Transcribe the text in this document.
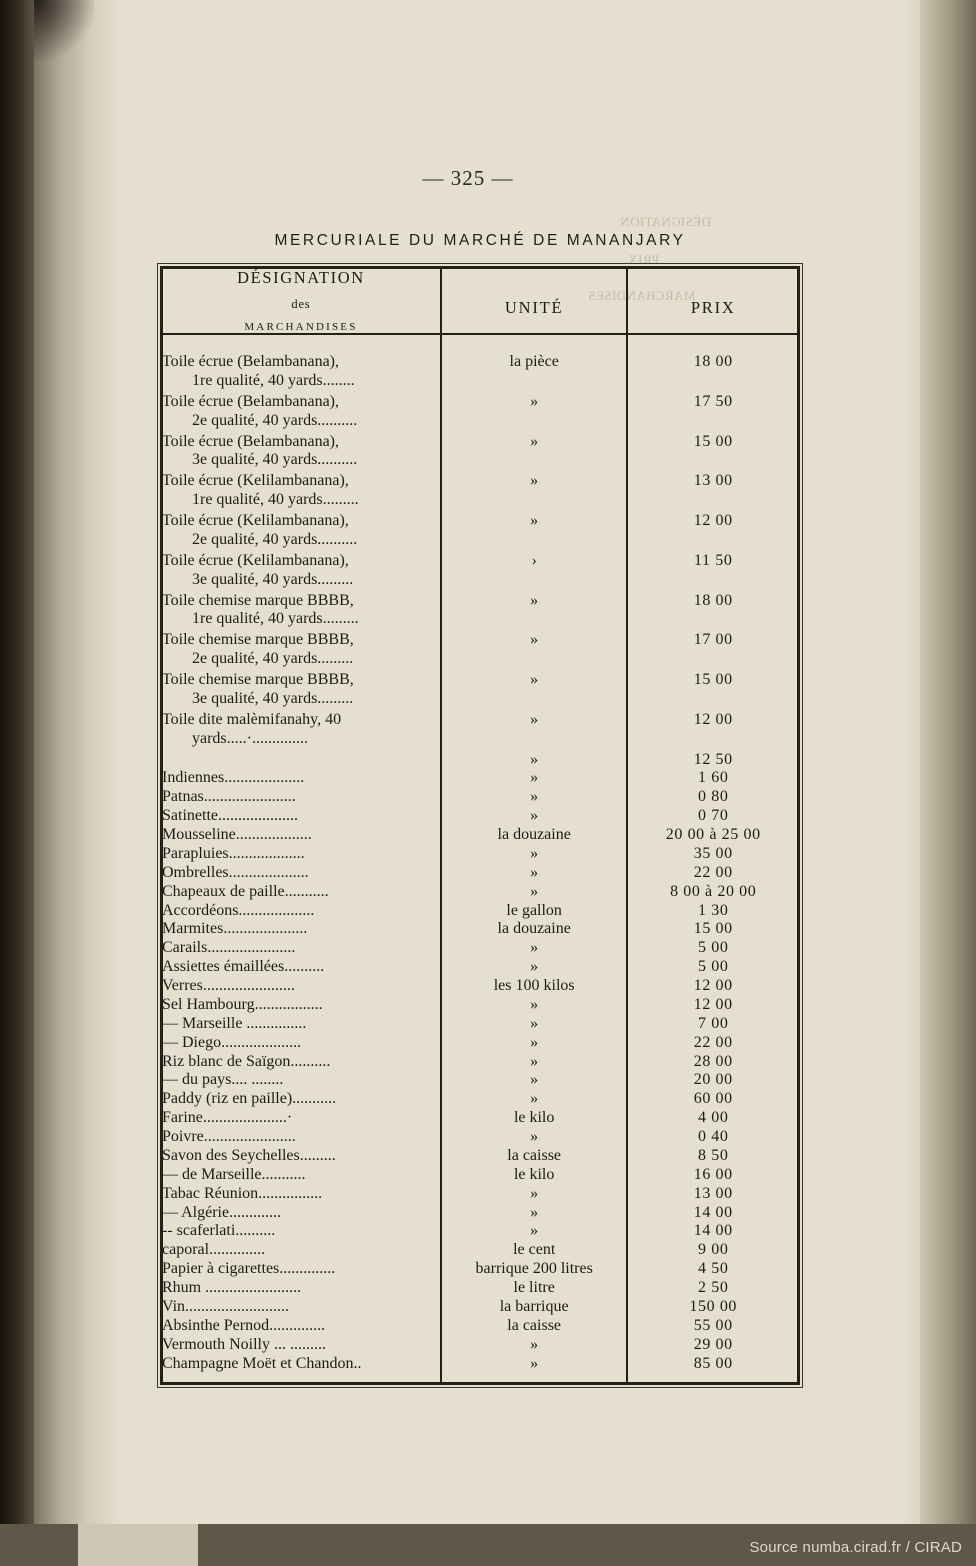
DÉSIGNATION
PRIX
MARCHANDISES
— 325 —
MERCURIALE DU MARCHÉ DE MANANJARY
DÉSIGNATION
des
MARCHANDISES	UNITÉ	PRIX

Toile écrue (Belambanana),
1re qualité, 40 yards........	la pièce	18 00
Toile écrue (Belambanana),
2e qualité, 40 yards..........	»	17 50
Toile écrue (Belambanana),
3e qualité, 40 yards..........	»	15 00
Toile écrue (Kelilambanana),
1re qualité, 40 yards.........	»	13 00
Toile écrue (Kelilambanana),
2e qualité, 40 yards..........	»	12 00
Toile écrue (Kelilambanana),
3e qualité, 40 yards.........	›	11 50
Toile chemise marque BBBB,
1re qualité, 40 yards.........	»	18 00
Toile chemise marque BBBB,
2e qualité, 40 yards.........	»	17 00
Toile chemise marque BBBB,
3e qualité, 40 yards.........	»	15 00
Toile dite malèmifanahy, 40
yards.....·..............	»	12 00
	»	12 50
Indiennes....................	»	1 60
Patnas.......................	»	0 80
Satinette....................	»	0 70
Mousseline...................	la douzaine	20 00 à 25 00
Parapluies...................	»	35 00
Ombrelles....................	»	22 00
Chapeaux de paille...........	»	8 00 à 20 00
Accordéons...................	le gallon	1 30
Marmites.....................	la douzaine	15 00
Carails......................	»	5 00
Assiettes émaillées..........	»	5 00
Verres.......................	les 100 kilos	12 00
Sel Hambourg.................	»	12 00
— Marseille ...............	»	7 00
— Diego....................	»	22 00
Riz blanc de Saïgon..........	»	28 00
— du pays.... ........	»	20 00
Paddy (riz en paille)...........	»	60 00
Farine.....................·	le kilo	4 00
Poivre.......................	»	0 40
Savon des Seychelles.........	la caisse	8 50
— de Marseille...........	le kilo	16 00
Tabac Réunion................	»	13 00
— Algérie.............	»	14 00
-- scaferlati..........	»	14 00
caporal..............	le cent	9 00
Papier à cigarettes..............	barrique 200 litres	4 50
Rhum ........................	le litre	2 50
Vin..........................	la barrique	150 00
Absinthe Pernod..............	la caisse	55 00
Vermouth Noilly ... .........	»	29 00
Champagne Moët et Chandon..	»	85 00

Source numba.cirad.fr / CIRAD
